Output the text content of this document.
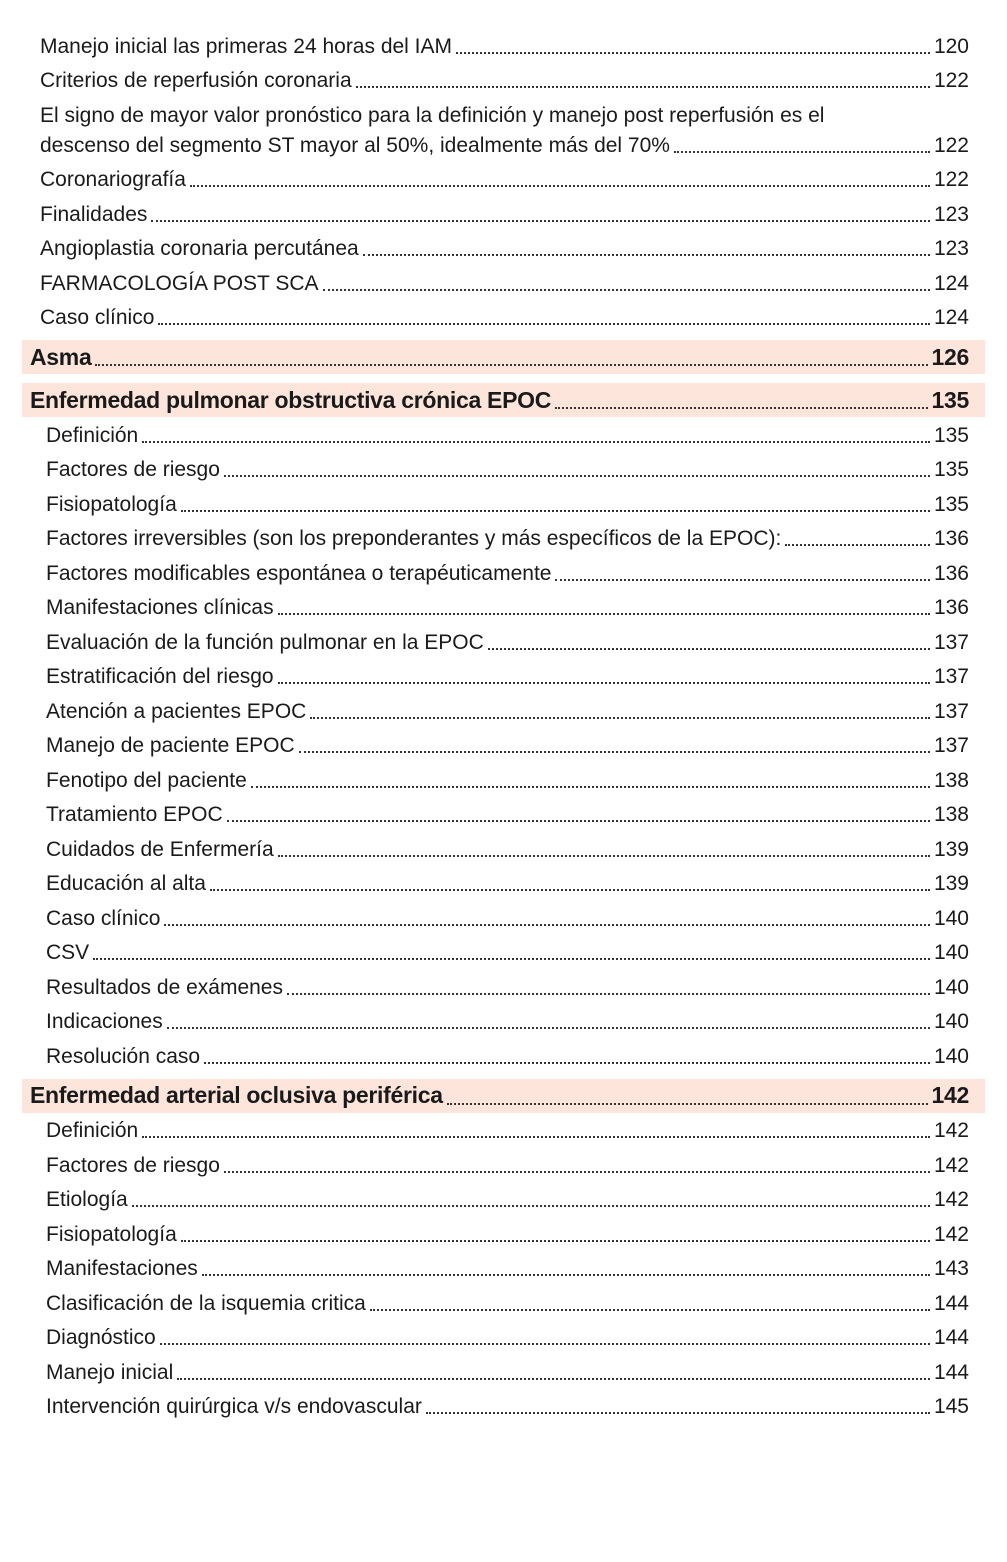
Manejo inicial las primeras 24 horas del IAM	120
Criterios de reperfusión coronaria	122
El signo de mayor valor pronóstico para la definición y manejo post reperfusión es el
descenso del segmento ST mayor al 50%, idealmente más del 70%	122
Coronariografía	122
Finalidades	123
Angioplastia coronaria percutánea	123
FARMACOLOGÍA POST SCA	124
Caso clínico	124
Asma	126
Enfermedad pulmonar obstructiva crónica EPOC	135
Definición	135
Factores de riesgo	135
Fisiopatología	135
Factores irreversibles (son los preponderantes y más específicos de la EPOC):	136
Factores modificables espontánea o terapéuticamente	136
Manifestaciones clínicas	136
Evaluación de la función pulmonar en la EPOC	137
Estratificación del riesgo	137
Atención a pacientes EPOC	137
Manejo de paciente EPOC	137
Fenotipo del paciente	138
Tratamiento EPOC	138
Cuidados de Enfermería	139
Educación al alta	139
Caso clínico	140
CSV	140
Resultados de exámenes	140
Indicaciones	140
Resolución caso	140
Enfermedad arterial oclusiva periférica	142
Definición	142
Factores de riesgo	142
Etiología	142
Fisiopatología	142
Manifestaciones	143
Clasificación de la isquemia critica	144
Diagnóstico	144
Manejo inicial	144
Intervención quirúrgica v/s endovascular	145
